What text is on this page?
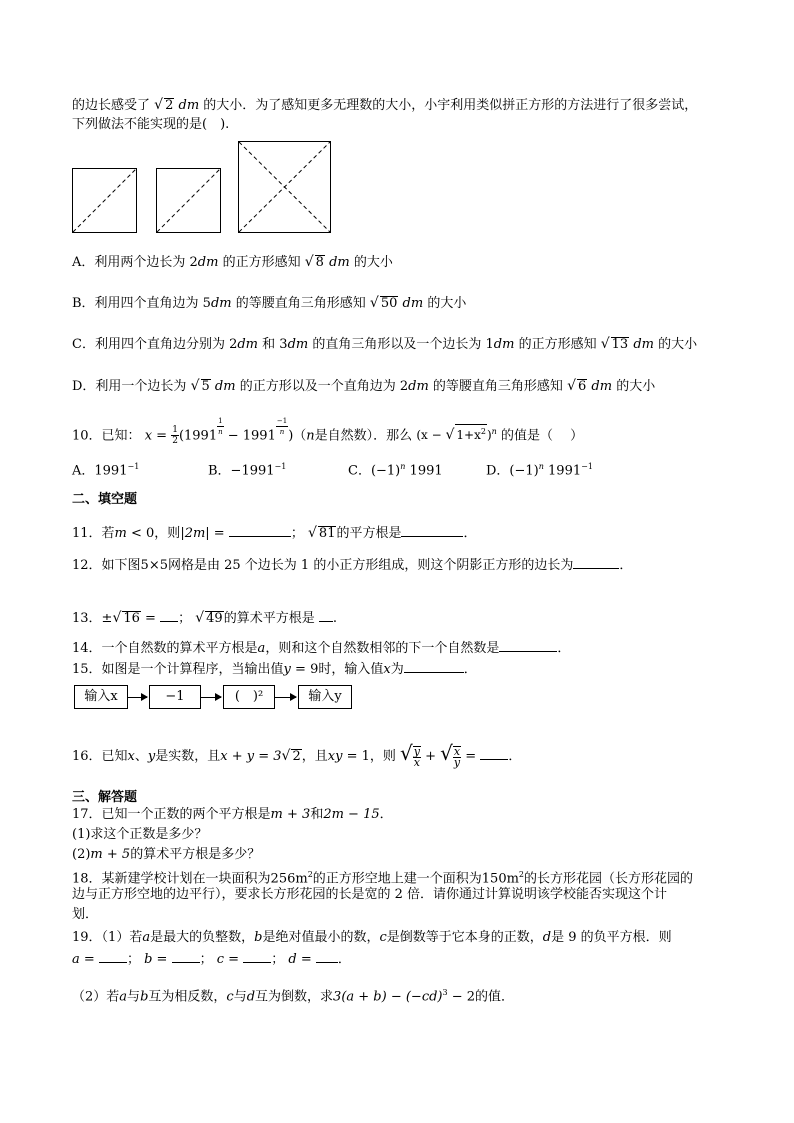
的边长感受了 √ 2 dm 的大小．为了感知更多无理数的大小，小宇利用类似拼正方形的方法进行了很多尝试，
下列做法不能实现的是(　).
A．利用两个边长为 2dm 的正方形感知 √ 8 dm 的大小
B．利用四个直角边为 5dm 的等腰直角三角形感知 √ 50 dm 的大小
C．利用四个直角边分别为 2dm 和 3dm 的直角三角形以及一个边长为 1dm 的正方形感知 √ 13 dm 的大小
D．利用一个边长为 √ 5 dm 的正方形以及一个直角边为 2dm 的等腰直角三角形感知 √ 6 dm 的大小
10．已知： $x = \frac{1}{2} (1991 \frac{1}{n} - 1991 \frac{-1}{n} )(n$是自然数）．那么 (x − √ $1+x^2)^n$ 的值是（　 ）
A．$1991^{-1}$	B．$-1991^{-1}$	C．$(-1)^n$ 1991	D．$(-1)^n$ $1991^{-1}$
二、填空题
11．若m < 0，则|2m| =	； √ 81的平方根是	．
12．如下图5×5网格是由 25 个边长为 1 的小正方形组成，则这个阴影正方形的边长为	．
13．±√ 16 = ； √ 49的算术平方根是 .
14．一个自然数的算术平方根是a，则和这个自然数相邻的下一个自然数是	．
15．如图是一个计算程序，当输出值y = 9时，输入值x为	．
输入x	−1	(　)²	输入y
16．已知x、y是实数，且x + y = 3√ 2，且xy = 1，则 √ $\frac{y}{x}$ + √ $\frac{x}{y}$ = ．
三、解答题
17．已知一个正数的两个平方根是m + 3和2m − 15．
(1)求这个正数是多少？
(2)m + 5的算术平方根是多少？
18．某新建学校计划在一块面积为$256m^2$的正方形空地上建一个面积为$150m^2$的长方形花园（长方形花园的
边与正方形空地的边平行），要求长方形花园的长是宽的 2 倍．请你通过计算说明该学校能否实现这个计
划．
19．（1）若a是最大的负整数，b是绝对值最小的数，c是倒数等于它本身的正数，d是 9 的负平方根．则
a = ； b = ； c = ； d = ．
（2）若a与b互为相反数，c与d互为倒数，求$3(a + b) - (-cd)^3 - 2$的值．
